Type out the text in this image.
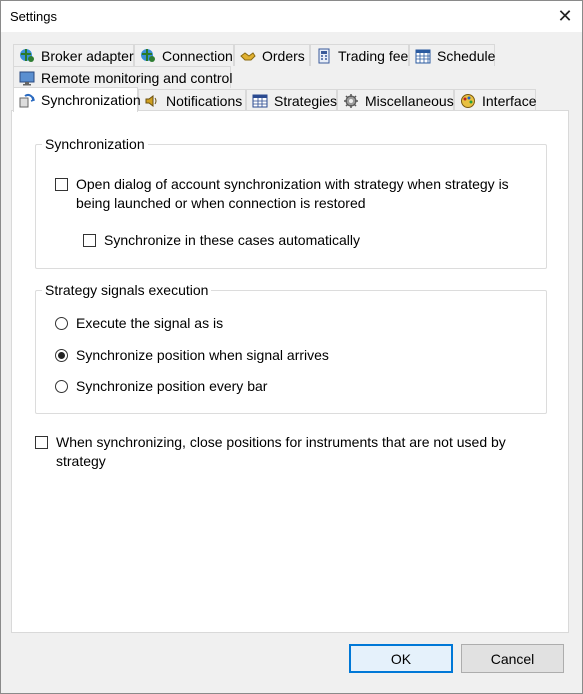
Settings	✕
Broker adapter Connection Orders Trading fee Schedule
Remote monitoring and control
Synchronization Notifications Strategies Miscellaneous Interface
Synchronization
Open dialog of account synchronization with strategy when strategy is
being launched or when connection is restored
Synchronize in these cases automatically
Strategy signals execution
Execute the signal as is
Synchronize position when signal arrives
Synchronize position every bar
When synchronizing, close positions for instruments that are not used by
strategy
OK	Cancel
